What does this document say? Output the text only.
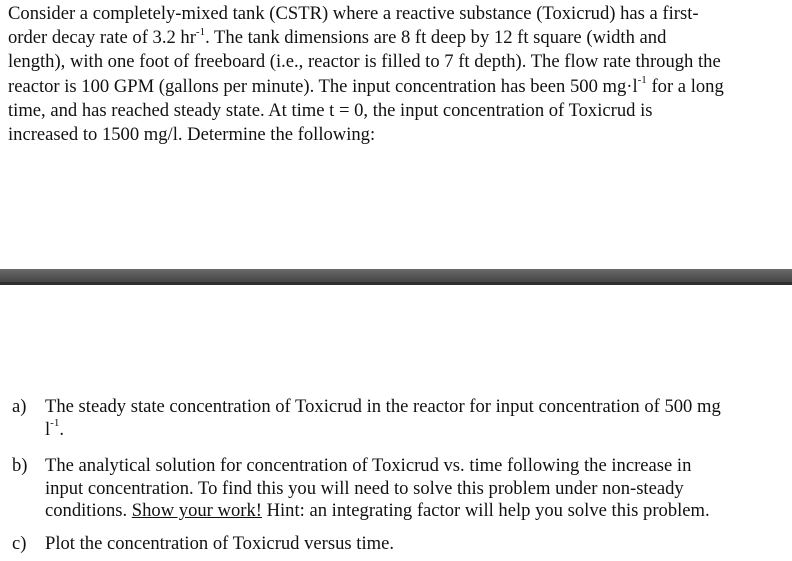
Consider a completely-mixed tank (CSTR) where a reactive substance (Toxicrud) has a first-
order decay rate of 3.2 $hr^{-1}$. The tank dimensions are 8 ft deep by 12 ft square (width and
length), with one foot of freeboard (i.e., reactor is filled to 7 ft depth). The flow rate through the
reactor is 100 GPM (gallons per minute). The input concentration has been 500 $mg\cdot l^{-1}$ for a long
time, and has reached steady state. At time t = 0, the input concentration of Toxicrud is
increased to 1500 mg/l. Determine the following:

a) The steady state concentration of Toxicrud in the reactor for input concentration of 500 mg
$l^{-1}$.
b) The analytical solution for concentration of Toxicrud vs. time following the increase in
input concentration. To find this you will need to solve this problem under non-steady
conditions. Show your work! Hint: an integrating factor will help you solve this problem.
c) Plot the concentration of Toxicrud versus time.
